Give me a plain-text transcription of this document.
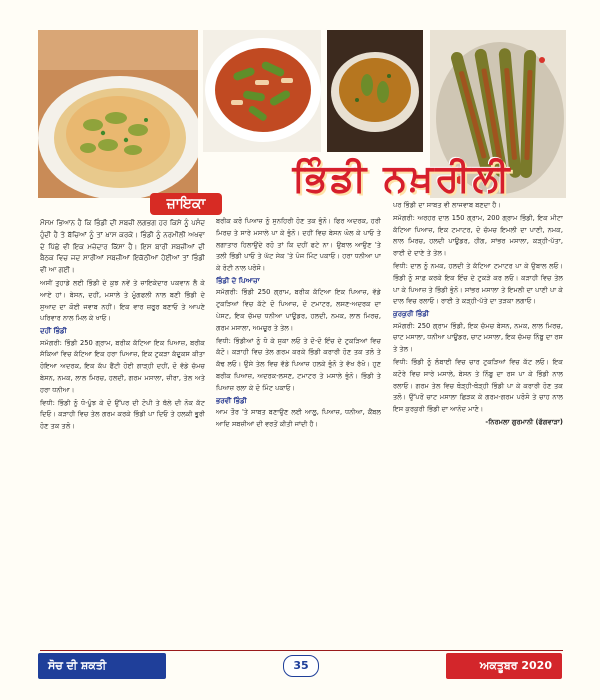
ਭਿੰਡੀ ਨਖ਼ਰੀਲੀ
ਜ਼ਾਇਕਾ

ਮੌਸਮ ਭਿਆਨ ਹੈ ਕਿ ਭਿੰਡੀ ਦੀ ਸਬਜ਼ੀ ਲਗਭਗ ਹਰ ਕਿਸੇ ਨੂੰ ਪਸੰਦ ਹੁੰਦੀ ਹੈ ਤੇ ਬੱਚਿਆਂ ਨੂੰ ਤਾਂ ਖ਼ਾਸ ਕਰਕੇ। ਭਿੰਡੀ ਨੂੰ ਨਰਮੀਲੀ ਅਖਵਾ ਦੇ ਪਿੱਛੇ ਵੀ ਇਕ ਮਜ਼ੇਦਾਰ ਕਿੱਸਾ ਹੈ। ਇਸ ਬਾਰੀ ਸਬਜ਼ੀਆਂ ਦੀ ਬੈਠਕ ਵਿਚ ਜਦ ਸਾਰੀਆਂ ਸਬਜ਼ੀਆਂ ਇਕੱਠੀਆਂ ਹੋਈਆਂ ਤਾਂ ਭਿੰਡੀ ਵੀ ਆ ਗਈ।

ਅਸੀਂ ਤੁਹਾਡੇ ਲਈ ਭਿੰਡੀ ਦੇ ਕੁਝ ਨਵੇਂ ਤੇ ਜ਼ਾਇਕੇਦਾਰ ਪਕਵਾਨ ਲੈ ਕੇ ਆਏ ਹਾਂ। ਬੇਸਨ, ਦਹੀਂ, ਮਸਾਲੇ ਤੇ ਮੂੰਗਫਲੀ ਨਾਲ ਬਣੀ ਭਿੰਡੀ ਦੇ ਸੁਆਦ ਦਾ ਕੋਈ ਜਵਾਬ ਨਹੀਂ। ਇਕ ਵਾਰ ਜ਼ਰੂਰ ਬਣਾਓ ਤੇ ਆਪਣੇ ਪਰਿਵਾਰ ਨਾਲ ਮਿਲ ਕੇ ਖਾਓ।

ਦਹੀਂ ਭਿੰਡੀ

ਸਮੱਗਰੀ: ਭਿੰਡੀ 250 ਗ੍ਰਾਮ, ਬਰੀਕ ਕੱਟਿਆ ਇਕ ਪਿਆਜ਼, ਬਰੀਕ ਸੱਕਿਆਂ ਵਿਚ ਕੱਟਿਆ ਇਕ ਹਰਾ ਪਿਆਜ਼, ਇਕ ਟੁਕੜਾ ਕੱਦੂਕਸ ਕੀਤਾ ਹੋਇਆ ਅਦਰਕ, ਇਕ ਕੱਪ ਫੈਂਟੀ ਹੋਈ ਗਾੜ੍ਹੀ ਦਹੀਂ, ਦੋ ਵੱਡੇ ਚੱਮਚ ਬੇਸਨ, ਨਮਕ, ਲਾਲ ਮਿਰਚ, ਹਲਦੀ, ਗਰਮ ਮਸਾਲਾ, ਜ਼ੀਰਾ, ਤੇਲ ਅਤੇ ਹਰਾ ਧਨੀਆ।

ਵਿਧੀ: ਭਿੰਡੀ ਨੂੰ ਧੋ-ਪੂੰਝ ਕੇ ਦੋ ਉੱਪਰ ਦੀ ਟੋਪੀ ਤੇ ਥੱਲੇ ਦੀ ਨੋਕ ਕੱਟ ਦਿਓ। ਕੜਾਹੀ ਵਿਚ ਤੇਲ ਗਰਮ ਕਰਕੇ ਭਿੰਡੀ ਪਾ ਦਿਓ ਤੇ ਹਲਕੀ ਭੂਰੀ ਹੋਣ ਤਕ ਤਲੋ।

ਬਰੀਕ ਕਰੋ ਪਿਆਜ਼ ਨੂੰ ਸੁਨਹਿਰੀ ਹੋਣ ਤਕ ਭੁੰਨੋ। ਫਿਰ ਅਦਰਕ, ਹਰੀ ਮਿਰਚ ਤੇ ਸਾਰੇ ਮਸਾਲੇ ਪਾ ਕੇ ਭੁੰਨੋ। ਦਹੀਂ ਵਿਚ ਬੇਸਨ ਘੋਲ ਕੇ ਪਾਓ ਤੇ ਲਗਾਤਾਰ ਹਿਲਾਉਂਦੇ ਰਹੋ ਤਾਂ ਕਿ ਦਹੀਂ ਫਟੇ ਨਾ। ਉਬਾਲ ਆਉਣ 'ਤੇ ਤਲੀ ਭਿੰਡੀ ਪਾਓ ਤੇ ਘੱਟ ਸੇਕ 'ਤੇ ਪੰਜ ਮਿੰਟ ਪਕਾਓ। ਹਰਾ ਧਨੀਆ ਪਾ ਕੇ ਰੋਟੀ ਨਾਲ ਪਰੋਸੋ।

ਭਿੰਡੀ ਦੋ ਪਿਆਜ਼ਾ

ਸਮੱਗਰੀ: ਭਿੰਡੀ 250 ਗ੍ਰਾਮ, ਬਰੀਕ ਕੱਟਿਆ ਇਕ ਪਿਆਜ਼, ਵੱਡੇ ਟੁਕੜਿਆਂ ਵਿਚ ਕੱਟੇ ਦੋ ਪਿਆਜ਼, ਦੋ ਟਮਾਟਰ, ਲਸਣ-ਅਦਰਕ ਦਾ ਪੇਸਟ, ਇਕ ਚੱਮਚ ਧਨੀਆ ਪਾਊਡਰ, ਹਲਦੀ, ਨਮਕ, ਲਾਲ ਮਿਰਚ, ਗਰਮ ਮਸਾਲਾ, ਅਮਚੂਰ ਤੇ ਤੇਲ।

ਵਿਧੀ: ਭਿੰਡੀਆਂ ਨੂੰ ਧੋ ਕੇ ਸੁਕਾ ਲਓ ਤੇ ਦੋ-ਦੋ ਇੰਚ ਦੇ ਟੁਕੜਿਆਂ ਵਿਚ ਕੱਟੋ। ਕੜਾਹੀ ਵਿਚ ਤੇਲ ਗਰਮ ਕਰਕੇ ਭਿੰਡੀ ਕਰਾਰੀ ਹੋਣ ਤਕ ਤਲੋ ਤੇ ਕੱਢ ਲਓ। ਉਸੇ ਤੇਲ ਵਿਚ ਵੱਡੇ ਪਿਆਜ਼ ਹਲਕੇ ਭੁੰਨੋ ਤੇ ਵੱਖ ਰੱਖੋ। ਹੁਣ ਬਰੀਕ ਪਿਆਜ਼, ਅਦਰਕ-ਲਸਣ, ਟਮਾਟਰ ਤੇ ਮਸਾਲੇ ਭੁੰਨੋ। ਭਿੰਡੀ ਤੇ ਪਿਆਜ਼ ਰਲਾ ਕੇ ਦੋ ਮਿੰਟ ਪਕਾਓ।

ਭਰਵੀਂ ਭਿੰਡੀ

ਆਮ ਤੌਰ 'ਤੇ ਸਾਬਤ ਬਣਾਉਣ ਲਈ ਆਲੂ, ਪਿਆਜ਼, ਧਨੀਆ, ਕੈਂਬਲ ਆਦਿ ਸਬਜ਼ੀਆਂ ਦੀ ਵਰਤੋਂ ਕੀਤੀ ਜਾਂਦੀ ਹੈ।

ਪਰ ਭਿੰਡੀ ਦਾ ਸਾਬਤ ਵੀ ਲਾਜਵਾਬ ਬਣਦਾ ਹੈ।

ਸਮੱਗਰੀ: ਅਰਹਰ ਦਾਲ 150 ਗ੍ਰਾਮ, 200 ਗ੍ਰਾਮ ਭਿੰਡੀ, ਇਕ ਮੀਟਾ ਕੱਟਿਆ ਪਿਆਜ਼, ਇਕ ਟਮਾਟਰ, ਦੋ ਚੱਮਚ ਇਮਲੀ ਦਾ ਪਾਣੀ, ਨਮਕ, ਲਾਲ ਮਿਰਚ, ਹਲਦੀ ਪਾਊਡਰ, ਹੀਂਗ, ਸਾਂਭਰ ਮਸਾਲਾ, ਕੜ੍ਹੀ-ਪੱਤਾ, ਰਾਈ ਦੇ ਦਾਣੇ ਤੇ ਤੇਲ।

ਵਿਧੀ: ਦਾਲ ਨੂੰ ਨਮਕ, ਹਲਦੀ ਤੇ ਕੱਟਿਆ ਟਮਾਟਰ ਪਾ ਕੇ ਉਬਾਲ ਲਓ। ਭਿੰਡੀ ਨੂੰ ਸਾਫ਼ ਕਰਕੇ ਇਕ ਇੰਚ ਦੇ ਟੁਕੜੇ ਕਰ ਲਓ। ਕੜਾਹੀ ਵਿਚ ਤੇਲ ਪਾ ਕੇ ਪਿਆਜ਼ ਤੇ ਭਿੰਡੀ ਭੁੰਨੋ। ਸਾਂਭਰ ਮਸਾਲਾ ਤੇ ਇਮਲੀ ਦਾ ਪਾਣੀ ਪਾ ਕੇ ਦਾਲ ਵਿਚ ਰਲਾਓ। ਰਾਈ ਤੇ ਕੜ੍ਹੀ-ਪੱਤੇ ਦਾ ਤੜਕਾ ਲਗਾਓ।

ਕੁਰਕੁਰੀ ਭਿੰਡੀ

ਸਮੱਗਰੀ: 250 ਗ੍ਰਾਮ ਭਿੰਡੀ, ਇਕ ਚੱਮਚ ਬੇਸਨ, ਨਮਕ, ਲਾਲ ਮਿਰਚ, ਚਾਟ ਮਸਾਲਾ, ਧਨੀਆ ਪਾਊਡਰ, ਚਾਟ ਮਸਾਲਾ, ਇਕ ਚੱਮਚ ਨਿੰਬੂ ਦਾ ਰਸ ਤੇ ਤੇਲ।

ਵਿਧੀ: ਭਿੰਡੀ ਨੂੰ ਲੰਬਾਈ ਵਿਚ ਚਾਰ ਟੁਕੜਿਆਂ ਵਿਚ ਕੱਟ ਲਓ। ਇਕ ਕਟੋਰੇ ਵਿਚ ਸਾਰੇ ਮਸਾਲੇ, ਬੇਸਨ ਤੇ ਨਿੰਬੂ ਦਾ ਰਸ ਪਾ ਕੇ ਭਿੰਡੀ ਨਾਲ ਰਲਾਓ। ਗਰਮ ਤੇਲ ਵਿਚ ਥੋੜ੍ਹੀ-ਥੋੜ੍ਹੀ ਭਿੰਡੀ ਪਾ ਕੇ ਕਰਾਰੀ ਹੋਣ ਤਕ ਤਲੋ। ਉੱਪਰੋਂ ਚਾਟ ਮਸਾਲਾ ਛਿੜਕ ਕੇ ਗਰਮ-ਗਰਮ ਪਰੋਸੋ ਤੇ ਚਾਹ ਨਾਲ ਇਸ ਕੁਰਕੁਰੀ ਭਿੰਡੀ ਦਾ ਆਨੰਦ ਮਾਣੋ।

-ਨਿਰਮਲਾ ਗੁਰਮਾਨੀ (ਫੱਗਵਾੜਾ)

ਸੋਚ ਦੀ ਸ਼ਕਤੀ	35	ਅਕਤੂਬਰ 2020
